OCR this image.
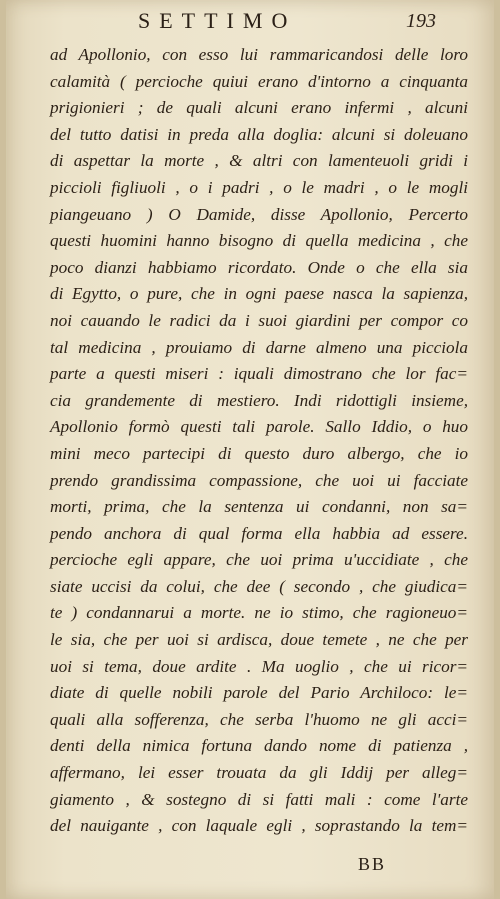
SETTIMO	193
ad Apollonio, con esso lui rammaricandosi delle loro
calamità ( percioche quiui erano d'intorno a cinquanta
prigionieri ; de quali alcuni erano infermi , alcuni
del tutto datisi in preda alla doglia: alcuni si doleuano
di aspettar la morte , & altri con lamenteuoli gridi i
piccioli figliuoli , o i padri , o le madri , o le mogli
piangeuano ) O Damide, disse Apollonio, Percerto
questi huomini hanno bisogno di quella medicina , che
poco dianzi habbiamo ricordato. Onde o che ella sia
di Egytto, o pure, che in ogni paese nasca la sapienza,
noi cauando le radici da i suoi giardini per compor co
tal medicina , prouiamo di darne almeno una picciola
parte a questi miseri : iquali dimostrano che lor fac=
cia grandemente di mestiero. Indi ridottigli insieme,
Apollonio formò questi tali parole. Sallo Iddio, o huo
mini meco partecipi di questo duro albergo, che io
prendo grandissima compassione, che uoi ui facciate
morti, prima, che la sentenza ui condanni, non sa=
pendo anchora di qual forma ella habbia ad essere.
percioche egli appare, che uoi prima u'uccidiate , che
siate uccisi da colui, che dee ( secondo , che giudica=
te ) condannarui a morte. ne io stimo, che ragioneuo=
le sia, che per uoi si ardisca, doue temete , ne che per
uoi si tema, doue ardite . Ma uoglio , che ui ricor=
diate di quelle nobili parole del Pario Archiloco: le=
quali alla sofferenza, che serba l'huomo ne gli acci=
denti della nimica fortuna dando nome di patienza ,
affermano, lei esser trouata da gli Iddij per alleg=
giamento , & sostegno di si fatti mali : come l'arte
del nauigante , con laquale egli , soprastando la tem=
BB
